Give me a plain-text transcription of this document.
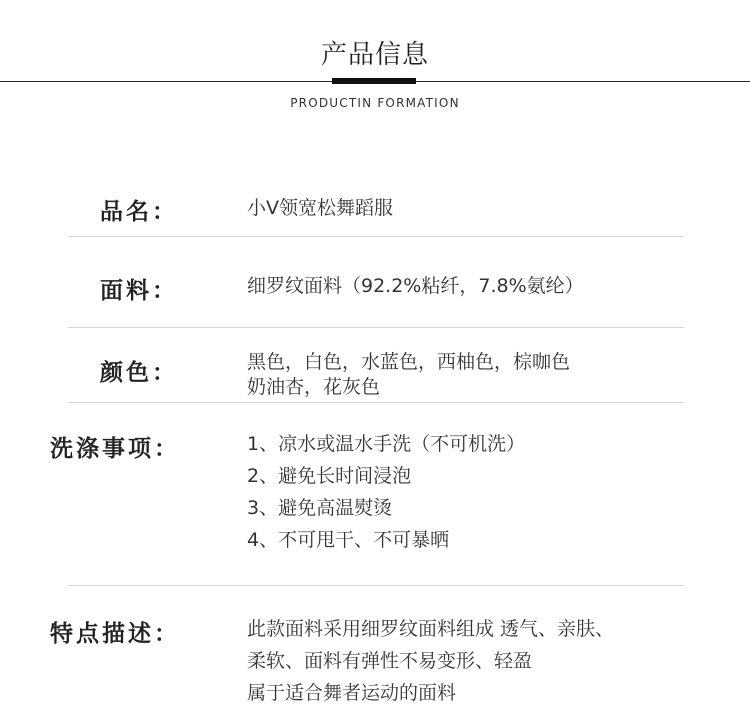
产品信息
PRODUCTIN FORMATION
品名：	小V领宽松舞蹈服
面料：	细罗纹面料（92.2%粘纤，7.8%氨纶）
颜色：	黑色，白色，水蓝色，西柚色，棕咖色
奶油杏，花灰色
洗涤事项：	1、凉水或温水手洗（不可机洗）
2、避免长时间浸泡
3、避免高温熨烫
4、不可甩干、不可暴晒
特点描述：	此款面料采用细罗纹面料组成 透气、亲肤、
柔软、面料有弹性不易变形、轻盈
属于适合舞者运动的面料
